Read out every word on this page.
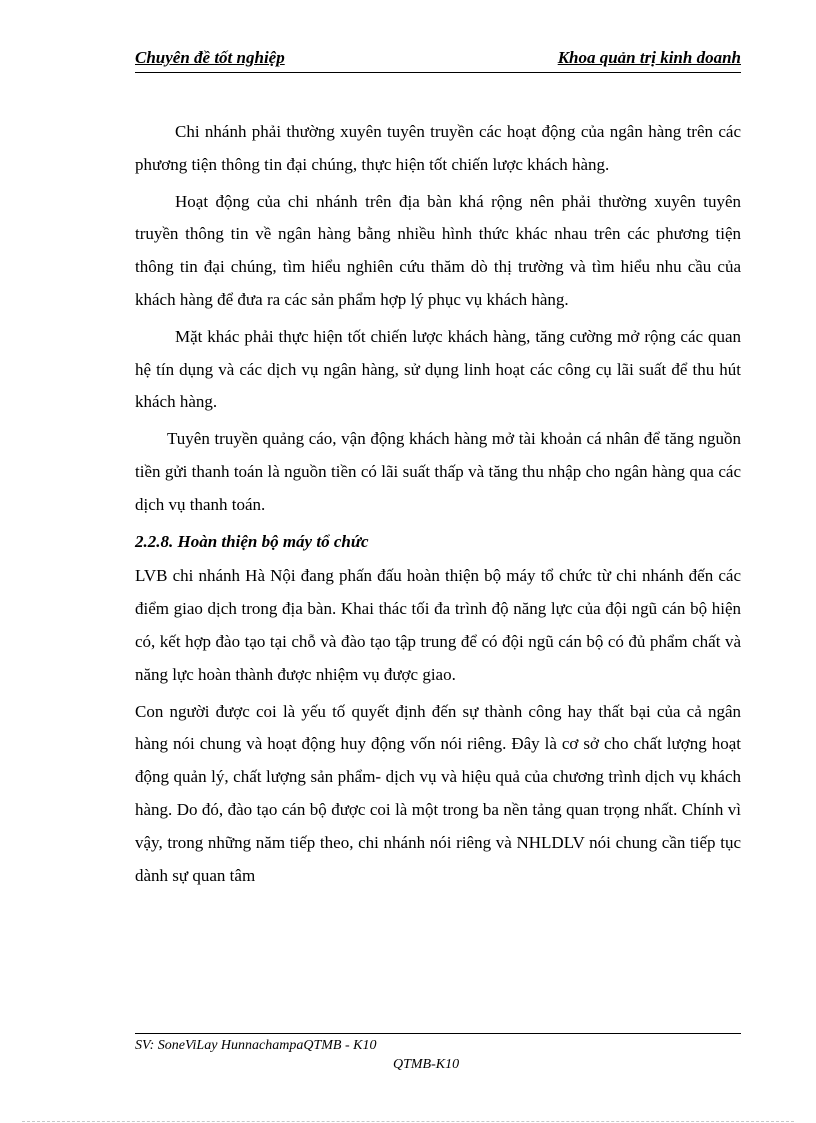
Chuyên đề tốt nghiệp	Khoa quản trị kinh doanh

Chi nhánh phải thường xuyên tuyên truyền các hoạt động của ngân hàng trên các phương tiện thông tin đại chúng, thực hiện tốt chiến lược khách hàng.

Hoạt động của chi nhánh trên địa bàn khá rộng nên phải thường xuyên tuyên truyền thông tin về ngân hàng bằng nhiều hình thức khác nhau trên các phương tiện thông tin đại chúng, tìm hiểu nghiên cứu thăm dò thị trường và tìm hiểu nhu cầu của khách hàng để đưa ra các sản phẩm hợp lý phục vụ khách hàng.

Mặt khác phải thực hiện tốt chiến lược khách hàng, tăng cường mở rộng các quan hệ tín dụng và các dịch vụ ngân hàng, sử dụng linh hoạt các công cụ lãi suất để thu hút khách hàng.

Tuyên truyền quảng cáo, vận động khách hàng mở tài khoản cá nhân để tăng nguồn tiền gửi thanh toán là nguồn tiền có lãi suất thấp và tăng thu nhập cho ngân hàng qua các dịch vụ thanh toán.

2.2.8. Hoàn thiện bộ máy tổ chức

LVB chi nhánh Hà Nội đang phấn đấu hoàn thiện bộ máy tổ chức từ chi nhánh đến các điểm giao dịch trong địa bàn. Khai thác tối đa trình độ năng lực của đội ngũ cán bộ hiện có, kết hợp đào tạo tại chỗ và đào tạo tập trung để có đội ngũ cán bộ có đủ phẩm chất và năng lực hoàn thành được nhiệm vụ được giao.

Con người được coi là yếu tố quyết định đến sự thành công hay thất bại của cả ngân hàng nói chung và hoạt động huy động vốn nói riêng. Đây là cơ sở cho chất lượng hoạt động quản lý, chất lượng sản phẩm- dịch vụ và hiệu quả của chương trình dịch vụ khách hàng. Do đó, đào tạo cán bộ được coi là một trong ba nền tảng quan trọng nhất. Chính vì vậy, trong những năm tiếp theo, chi nhánh nói riêng và NHLDLV nói chung cần tiếp tục dành sự quan tâm

SV: SoneViLay HunnachampaQTMB - K10
QTMB-K10
